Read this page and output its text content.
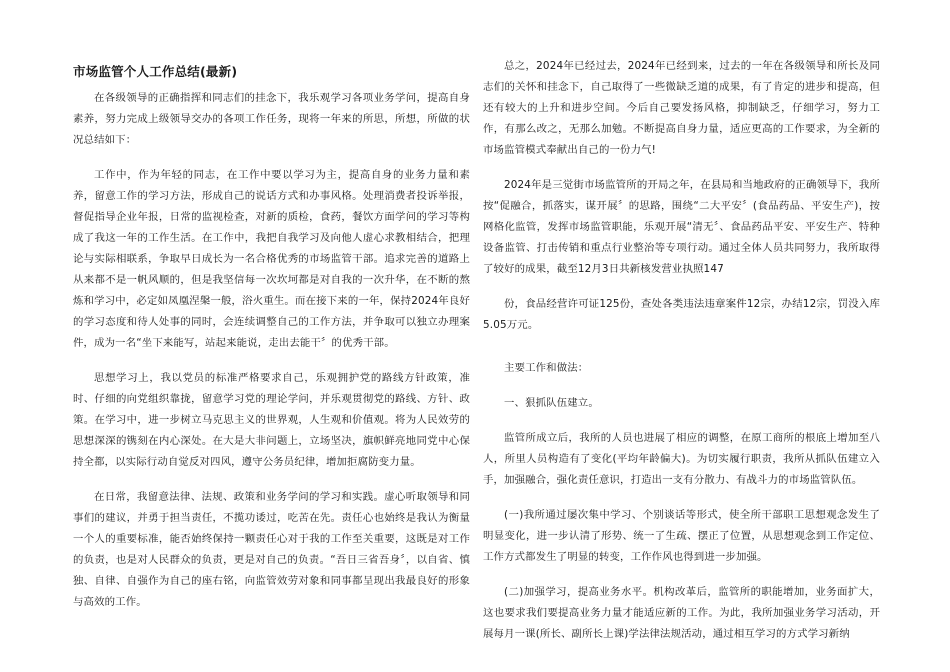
市场监管个人工作总结(最新)

在各级领导的正确指挥和同志们的挂念下，我乐观学习各项业务学问，提高自身素养，努力完成上级领导交办的各项工作任务，现将一年来的所思，所想，所做的状况总结如下：

工作中，作为年轻的同志，在工作中要以学习为主，提高自身的业务力量和素养，留意工作的学习方法，形成自己的说话方式和办事风格。处理消费者投诉举报，督促指导企业年报，日常的监视检查，对新的质检，食药，餐饮方面学问的学习等构成了我这一年的工作生活。在工作中，我把自我学习及向他人虚心求教相结合，把理论与实际相联系，争取早日成长为一名合格优秀的市场监管干部。追求完善的道路上从来都不是一帆风顺的，但是我坚信每一次坎坷都是对自我的一次升华，在不断的熬炼和学习中，必定如凤凰涅槃一般，浴火重生。而在接下来的一年，保持2024年良好的学习态度和待人处事的同时，会连续调整自己的工作方法，并争取可以独立办理案件，成为一名“坐下来能写，站起来能说，走出去能干〞的优秀干部。

思想学习上，我以党员的标准严格要求自己，乐观拥护党的路线方针政策，准时、仔细的向党组织靠拢，留意学习党的理论学问，并乐观贯彻党的路线、方针、政策。在学习中，进一步树立马克思主义的世界观，人生观和价值观。将为人民效劳的思想深深的镌刻在内心深处。在大是大非问题上，立场坚决，旗帜鲜亮地同党中心保持全都，以实际行动自觉反对四风，遵守公务员纪律，增加拒腐防变力量。

在日常，我留意法律、法规、政策和业务学问的学习和实践。虚心听取领导和同事们的建议，并勇于担当责任，不揽功诿过，吃苦在先。责任心也始终是我认为衡量一个人的重要标准，能否始终保持一颗责任心对于我的工作至关重要，这既是对工作的负责，也是对人民群众的负责，更是对自己的负责。“吾日三省吾身〞，以自省、慎独、自律、自强作为自己的座右铭，向监管效劳对象和同事都呈现出我最良好的形象与高效的工作。

总之，2024年已经过去，2024年已经到来，过去的一年在各级领导和所长及同志们的关怀和挂念下，自己取得了一些微缺乏道的成果，有了肯定的进步和提高，但还有较大的上升和进步空间。今后自己要发扬风格，抑制缺乏，仔细学习，努力工作，有那么改之，无那么加勉。不断提高自身力量，适应更高的工作要求，为全新的市场监管模式奉献出自己的一份力气!

2024年是三觉街市场监管所的开局之年，在县局和当地政府的正确领导下，我所按“促融合，抓落实，谋开展〞的思路，围绕“二大平安〞(食品药品、平安生产)，按网格化监管，发挥市场监管职能，乐观开展“清无〞、食品药品平安、平安生产、特种设备监管、打击传销和重点行业整治等专项行动。通过全体人员共同努力，我所取得了较好的成果，截至12月3日共新核发营业执照147

份，食品经营许可证125份，查处各类违法违章案件12宗，办结12宗，罚没入库5.05万元。

主要工作和做法：

一、狠抓队伍建立。

监管所成立后，我所的人员也进展了相应的调整，在原工商所的根底上增加至八人，所里人员构造有了变化(平均年龄偏大)。为切实履行职责，我所从抓队伍建立入手，加强融合，强化责任意识，打造出一支有分散力、有战斗力的市场监管队伍。

(一)我所通过屡次集中学习、个别谈话等形式，使全所干部职工思想观念发生了明显变化，进一步认清了形势、统一了生疏、摆正了位置，从思想观念到工作定位、工作方式都发生了明显的转变，工作作风也得到进一步加强。

(二)加强学习，提高业务水平。机构改革后，监管所的职能增加，业务面扩大，这也要求我们要提高业务力量才能适应新的工作。为此，我所加强业务学习活动，开展每月一课(所长、副所长上课)学法律法规活动，通过相互学习的方式学习新纳
